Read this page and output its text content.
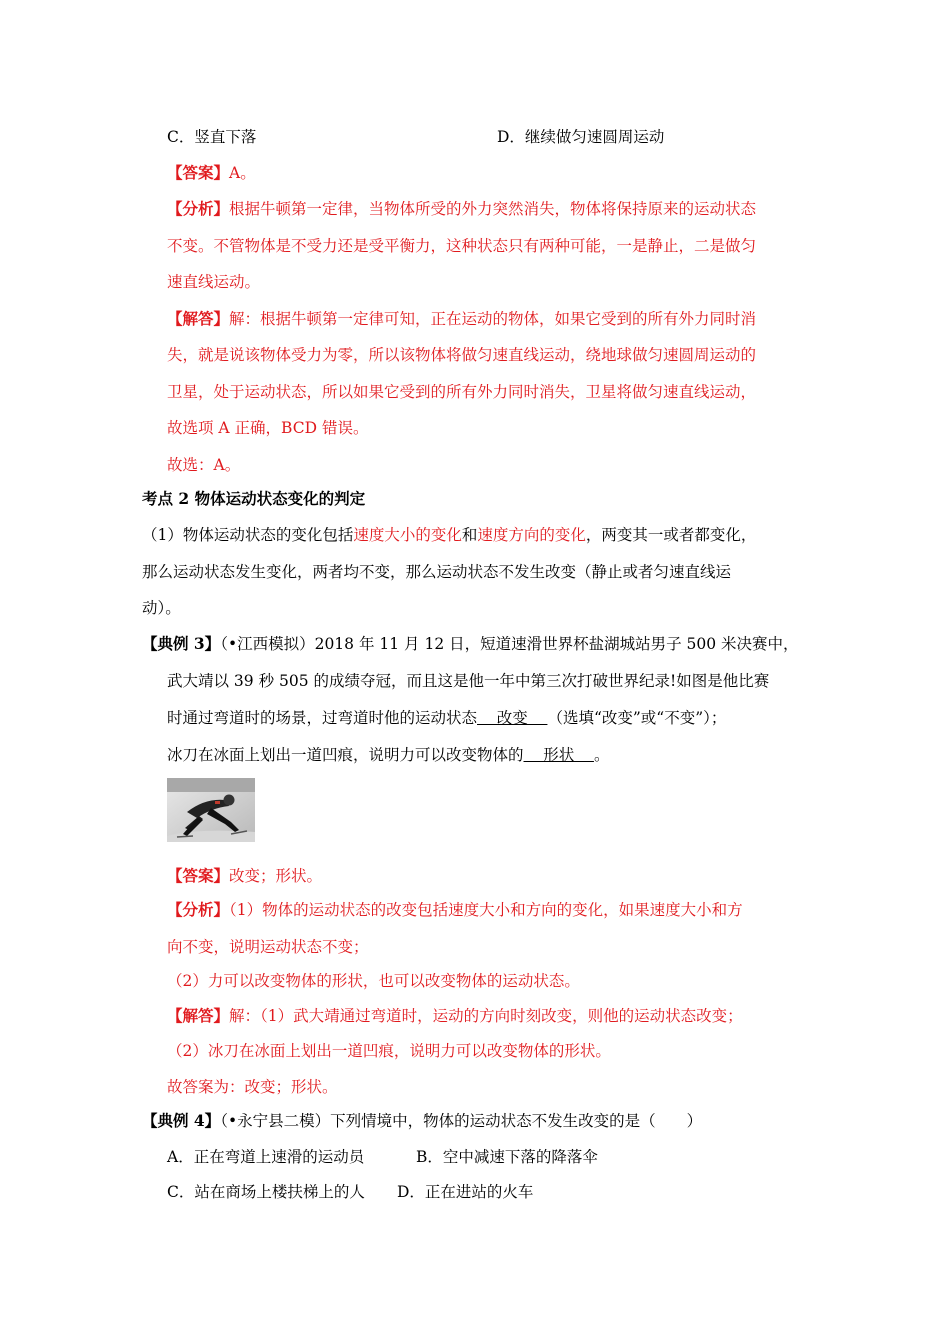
C．竖直下落	D．继续做匀速圆周运动
【答案】A。
【分析】根据牛顿第一定律，当物体所受的外力突然消失，物体将保持原来的运动状态
不变。不管物体是不受力还是受平衡力，这种状态只有两种可能，一是静止，二是做匀
速直线运动。
【解答】解：根据牛顿第一定律可知，正在运动的物体，如果它受到的所有外力同时消
失，就是说该物体受力为零，所以该物体将做匀速直线运动，绕地球做匀速圆周运动的
卫星，处于运动状态，所以如果它受到的所有外力同时消失，卫星将做匀速直线运动，
故选项 A 正确，BCD 错误。
故选：A。
考点 2 物体运动状态变化的判定
（1）物体运动状态的变化包括速度大小的变化和速度方向的变化，两变其一或者都变化，
那么运动状态发生变化，两者均不变，那么运动状态不发生改变（静止或者匀速直线运
动）。
【典例 3】（•江西模拟）2018 年 11 月 12 日，短道速滑世界杯盐湖城站男子 500 米决赛中，
武大靖以 39 秒 505 的成绩夺冠，而且这是他一年中第三次打破世界纪录!如图是他比赛
时通过弯道时的场景，过弯道时他的运动状态    改变    （选填“改变”或“不变”）；
冰刀在冰面上划出一道凹痕，说明力可以改变物体的    形状    。
【答案】改变；形状。
【分析】（1）物体的运动状态的改变包括速度大小和方向的变化，如果速度大小和方
向不变，说明运动状态不变；
（2）力可以改变物体的形状，也可以改变物体的运动状态。
【解答】解：（1）武大靖通过弯道时，运动的方向时刻改变，则他的运动状态改变；
（2）冰刀在冰面上划出一道凹痕，说明力可以改变物体的形状。
故答案为：改变；形状。
【典例 4】（•永宁县二模）下列情境中，物体的运动状态不发生改变的是（　　）
A．正在弯道上速滑的运动员	B．空中减速下落的降落伞
C．站在商场上楼扶梯上的人 D．正在进站的火车
